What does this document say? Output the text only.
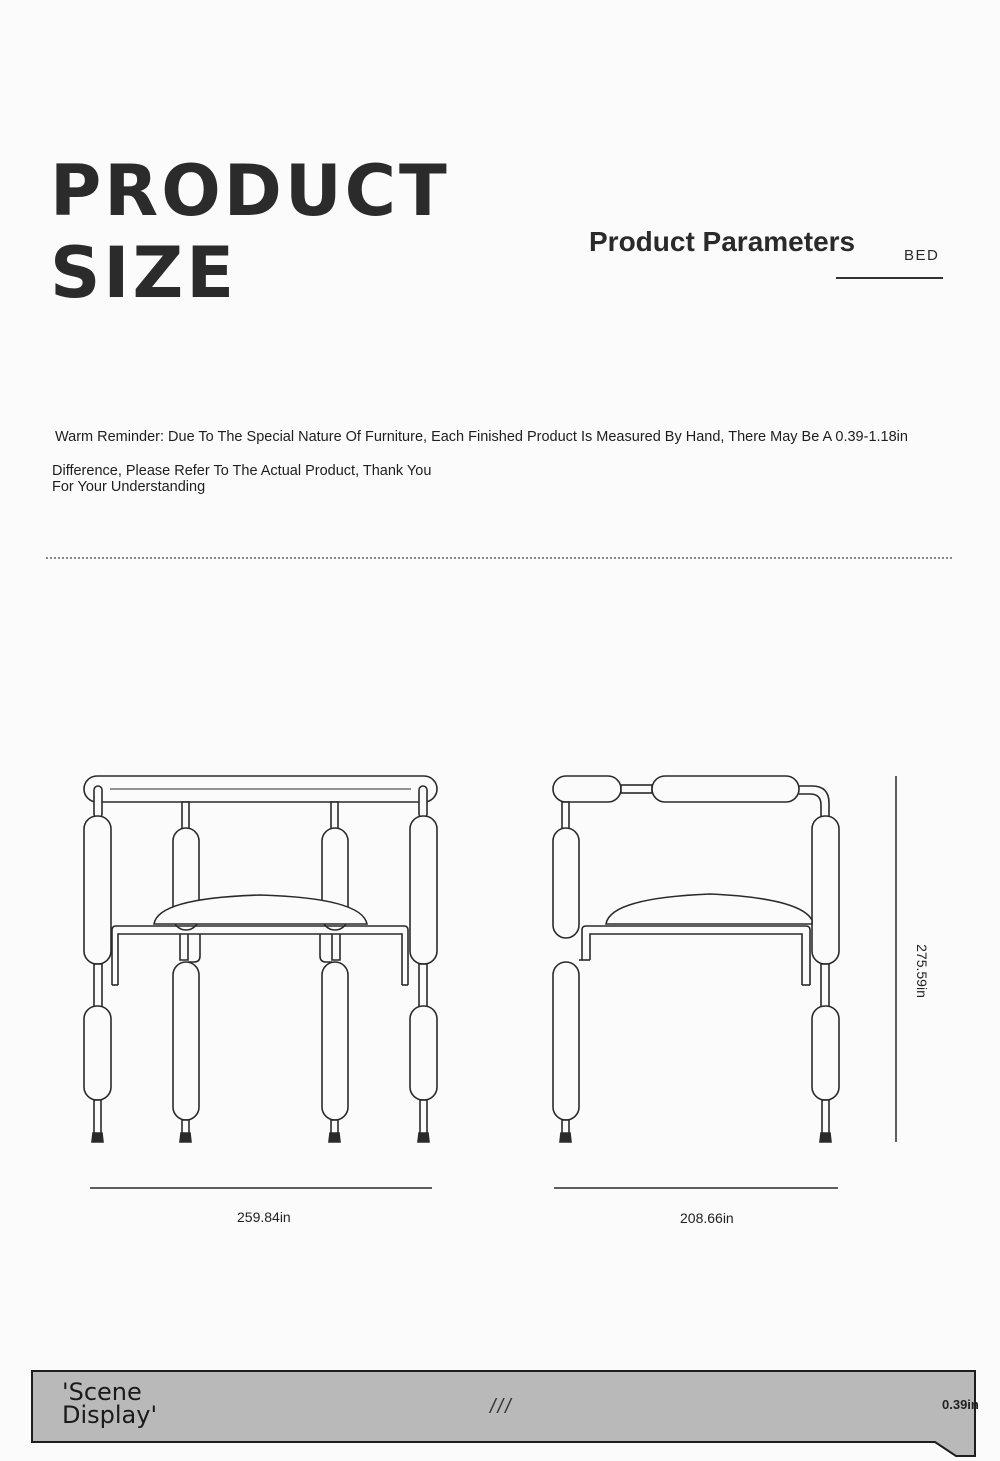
PRODUCT
SIZE	Product Parameters	BED
Warm Reminder: Due To The Special Nature Of Furniture, Each Finished Product Is Measured By Hand, There May Be A 0.39-1.18in
Difference, Please Refer To The Actual Product, Thank You
For Your Understanding
259.84in	208.66in
275.59in
'Scene
Display'	///	0.39in
